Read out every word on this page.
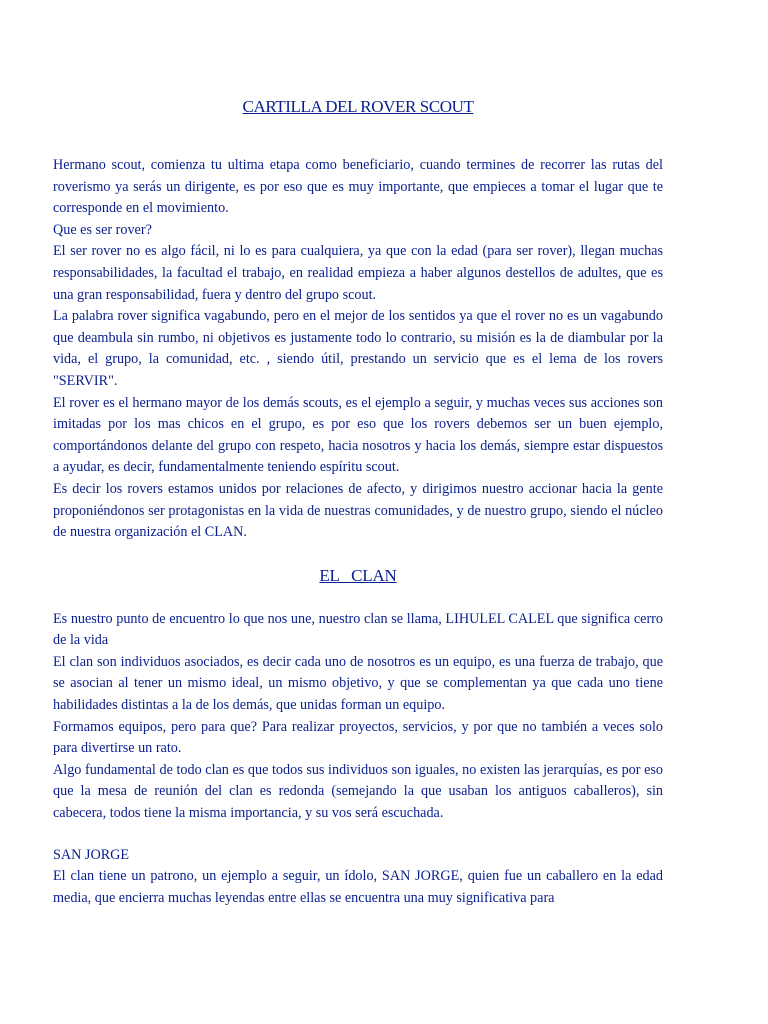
CARTILLA DEL ROVER SCOUT

Hermano scout, comienza tu ultima etapa como beneficiario, cuando termines de recorrer las rutas del roverismo ya serás un dirigente, es por eso que es muy importante, que empieces a tomar el lugar que te corresponde en el movimiento.

Que es ser rover?

El ser rover no es algo fácil, ni lo es para cualquiera, ya que con la edad (para ser rover), llegan muchas responsabilidades, la facultad el trabajo, en realidad empieza a haber algunos destellos de adultes, que es una gran responsabilidad, fuera y dentro del grupo scout.

La palabra rover significa vagabundo, pero en el mejor de los sentidos ya que el rover no es un vagabundo que deambula sin rumbo, ni objetivos es justamente todo lo contrario, su misión es la de diambular por la vida, el grupo, la comunidad, etc. , siendo útil, prestando un servicio que es el lema de los rovers "SERVIR".

El rover es el hermano mayor de los demás scouts, es el ejemplo a seguir, y muchas veces sus acciones son imitadas por los mas chicos en el grupo, es por eso que los rovers debemos ser un buen ejemplo, comportándonos delante del grupo con respeto, hacia nosotros y hacia los demás, siempre estar dispuestos a ayudar, es decir, fundamentalmente teniendo espíritu scout.

Es decir los rovers estamos unidos por relaciones de afecto, y dirigimos nuestro accionar hacia la gente proponiéndonos ser protagonistas en la vida de nuestras comunidades, y de nuestro grupo, siendo el núcleo de nuestra organización el CLAN.

EL CLAN

Es nuestro punto de encuentro lo que nos une, nuestro clan se llama, LIHULEL CALEL que significa cerro de la vida

El clan son individuos asociados, es decir cada uno de nosotros es un equipo, es una fuerza de trabajo, que se asocian al tener un mismo ideal, un mismo objetivo, y que se complementan ya que cada uno tiene habilidades distintas a la de los demás, que unidas forman un equipo.

Formamos equipos, pero para que? Para realizar proyectos, servicios, y por que no también a veces solo para divertirse un rato.

Algo fundamental de todo clan es que todos sus individuos son iguales, no existen las jerarquías, es por eso que la mesa de reunión del clan es redonda (semejando la que usaban los antiguos caballeros), sin cabecera, todos tiene la misma importancia, y su vos será escuchada.

SAN JORGE

El clan tiene un patrono, un ejemplo a seguir, un ídolo, SAN JORGE, quien fue un caballero en la edad media, que encierra muchas leyendas entre ellas se encuentra una muy significativa para
